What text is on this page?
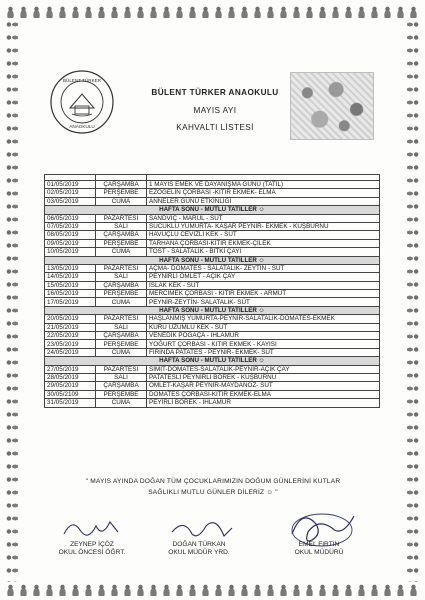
BÜLENT TÜRKER
ANAOKULU
BÜLENT TÜRKER ANAOKULU
MAYIS AYI
KAHVALTI LİSTESİ

01/05/2019	ÇARŞAMBA	1 MAYIS EMEK VE DAYANIŞMA GÜNÜ (TATİL)
02/05/2019	PERŞEMBE	EZOGELİN ÇORBASI -KITIR EKMEK- ELMA
03/05/2019	CUMA	ANNELER GÜNÜ ETKİNLİĞİ
HAFTA SONU - MUTLU TATİLLER ☺		
06/05/2019	PAZARTESİ	SANDVİÇ - MARUL - SÜT
07/05/2019	SALI	SUCUKLU YUMURTA- KAŞAR PEYNİR- EKMEK - KUŞBURNU
08/05/2019	ÇARŞAMBA	HAVUÇLU CEVİZLİ KEK - SÜT
09/05/2019	PERŞEMBE	TARHANA ÇORBASI-KITIR EKMEK-ÇİLEK
10/05/2019	CUMA	TOST - SALATALIK - BİTKİ ÇAYI
HAFTA SONU - MUTLU TATİLLER ☺		
13/05/2019	PAZARTESİ	AÇMA- DOMATES - SALATALIK- ZEYTİN - SÜT
14/05/2019	SALI	PEYNİRLİ OMLET - AÇIK ÇAY
15/05/2019	ÇARŞAMBA	ISLAK KEK - SÜT
16/05/2019	PERŞEMBE	MERCİMEK ÇORBASI - KITIR EKMEK - ARMUT
17/05/2019	CUMA	PEYNİR-ZEYTİN- SALATALIK- SÜT
HAFTA SONU - MUTLU TATİLLER ☺		
20/05/2019	PAZARTESİ	HAŞLANMIŞ YUMURTA-PEYNİR-SALATALIK-DOMATES-EKMEK
21/05/2019	SALI	KURU ÜZÜMLÜ KEK - SÜT
22/05/2019	ÇARŞAMBA	VENEDİK POĞAÇA - IHLAMUR
23/05/2019	PERŞEMBE	YOĞURT ÇORBASI - KITIR EKMEK - KAYISI
24/05/2019	CUMA	FIRINDA PATATES - PEYNİR- EKMEK- SÜT
HAFTA SONU - MUTLU TATİLLER ☺		
27/05/2019	PAZARTESİ	SİMİT-DOMATES-SALATALIK-PEYNİR-AÇIK ÇAY
28/05/2019	SALI	PATATESLİ PEYNİRLİ BÖREK - KUŞBURNU
29/05/2019	ÇARŞAMBA	OMLET-KAŞAR PEYNİR-MAYDANOZ- SÜT
30/05/2109	PERŞEMBE	DOMATES ÇORBASI-KITIR EKMEK-ELMA
31/05/2019	CUMA	PEYİRLİ BÖREK - IHLAMUR
" MAYIS AYINDA DOĞAN TÜM ÇOCUKLARIMIZIN DOĞUM GÜNLERİNİ KUTLAR
SAĞLIKLI MUTLU GÜNLER DİLERİZ ☺ "
ZEYNEP İÇÖZ
OKUL ÖNCESİ ÖĞRT.
DOĞAN TÜRKAN
OKUL MÜDÜR YRD.
EMEL FIRTIN
OKUL MÜDÜRÜ
